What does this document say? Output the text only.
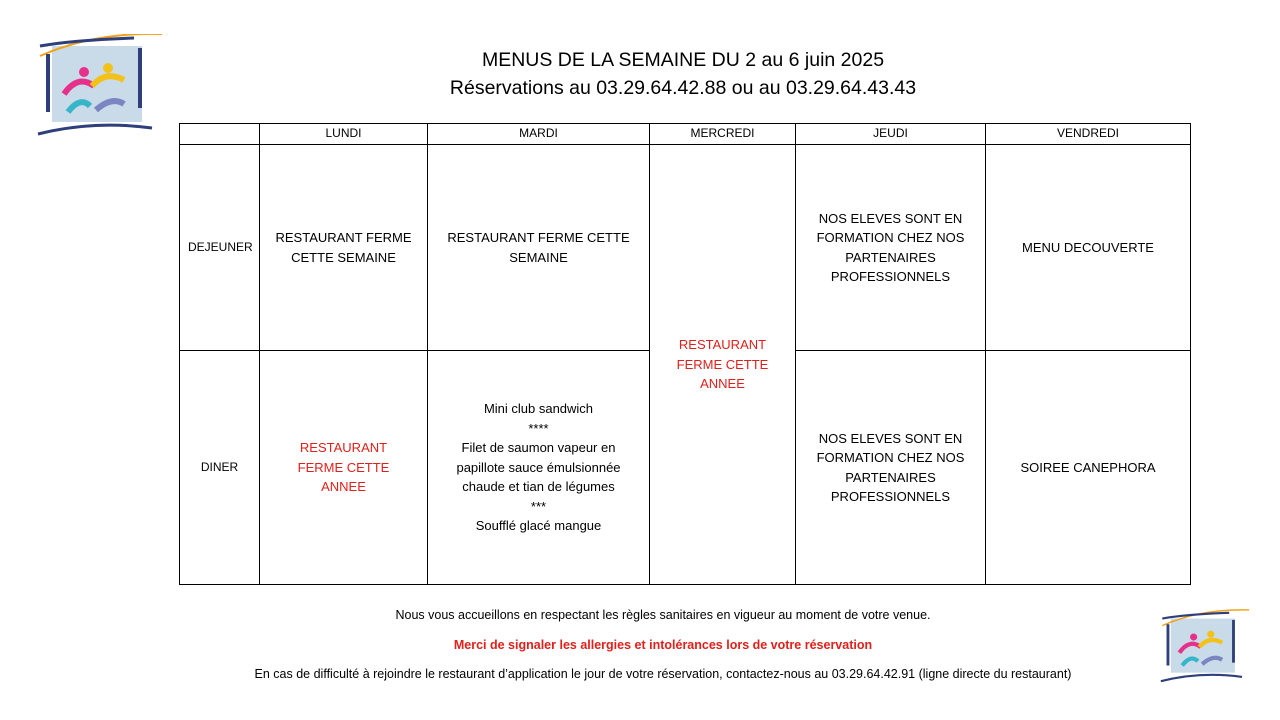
MENUS DE LA SEMAINE DU 2 au 6 juin 2025
Réservations au 03.29.64.42.88 ou au 03.29.64.43.43
	LUNDI	MARDI	MERCREDI	JEUDI	VENDREDI
DEJEUNER	RESTAURANT FERME CETTE SEMAINE	RESTAURANT FERME CETTE SEMAINE	RESTAURANT FERME CETTE ANNEE	NOS ELEVES SONT EN FORMATION CHEZ NOS PARTENAIRES PROFESSIONNELS	MENU DECOUVERTE
DINER	RESTAURANT FERME CETTE ANNEE	Mini club sandwich
****
Filet de saumon vapeur en papillote sauce émulsionnée chaude et tian de légumes
***
Soufflé glacé mangue		NOS ELEVES SONT EN FORMATION CHEZ NOS PARTENAIRES PROFESSIONNELS	SOIREE CANEPHORA
Nous vous accueillons en respectant les règles sanitaires en vigueur au moment de votre venue.
Merci de signaler les allergies et intolérances lors de votre réservation
En cas de difficulté à rejoindre le restaurant d’application le jour de votre réservation, contactez-nous au 03.29.64.42.91 (ligne directe du restaurant)
